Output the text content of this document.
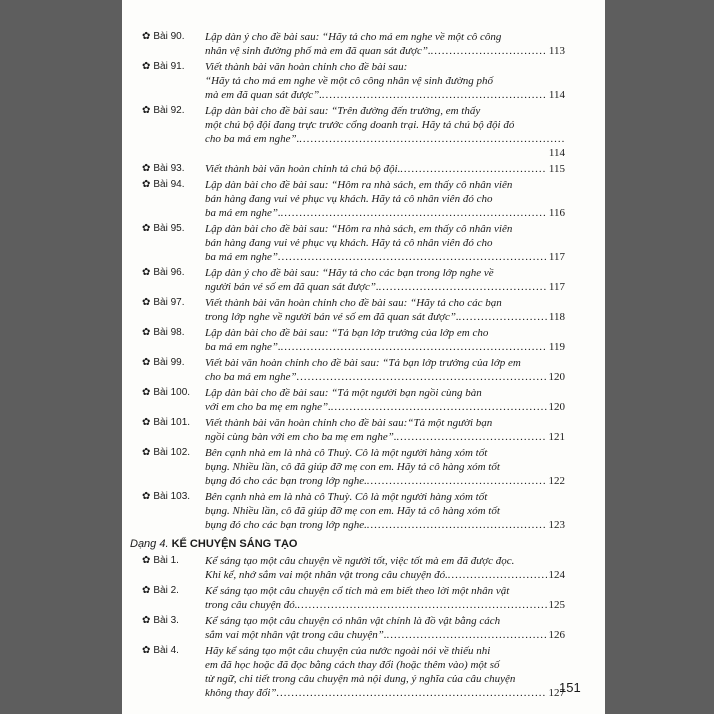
✿ Bài 90.	Lập dàn ý cho đề bài sau: “Hãy tả cho má em nghe về một cô công
nhân vệ sinh đường phố mà em đã quan sát được”. .....	113
✿ Bài 91.	Viết thành bài văn hoàn chỉnh cho đề bài sau:
“Hãy tả cho má em nghe về một cô công nhân vệ sinh đường phố
mà em đã quan sát được”. .....	114
✿ Bài 92.	Lập dàn bài cho đề bài sau: “Trên đường đến trường, em thấy
một chú bộ đội đang trực trước cổng doanh trại. Hãy tả chú bộ đội đó
cho ba má em nghe”.
.....
114
✿ Bài 93.	Viết thành bài văn hoàn chỉnh tả chú bộ đội. .....	115
✿ Bài 94.	Lập dàn bài cho đề bài sau: “Hôm ra nhà sách, em thấy cô nhân viên
bán hàng đang vui vẻ phục vụ khách. Hãy tả cô nhân viên đó cho
ba má em nghe”. .....	116
✿ Bài 95.	Lập dàn bài cho đề bài sau: “Hôm ra nhà sách, em thấy cô nhân viên
bán hàng đang vui vẻ phục vụ khách. Hãy tả cô nhân viên đó cho
ba má em nghe” .....	117
✿ Bài 96.	Lập dàn ý cho đề bài sau: “Hãy tả cho các bạn trong lớp nghe về
người bán vé số em đã quan sát được”. .....	117
✿ Bài 97.	Viết thành bài văn hoàn chỉnh cho đề bài sau: “Hãy tả cho các bạn
trong lớp nghe về người bán vé số em đã quan sát được”. .....	118
✿ Bài 98.	Lập dàn bài cho đề bài sau: “Tả bạn lớp trưởng của lớp em cho
ba má em nghe”. .....	119
✿ Bài 99.	Viết bài văn hoàn chỉnh cho đề bài sau: “Tả bạn lớp trưởng của lớp em
cho ba má em nghe” .....	120
✿ Bài 100.	Lập dàn bài cho đề bài sau: “Tả một người bạn ngồi cùng bàn
với em cho ba mẹ em nghe”. .....	120
✿ Bài 101.	Viết thành bài văn hoàn chỉnh cho đề bài sau:“Tả một người bạn
ngồi cùng bàn với em cho ba mẹ em nghe”. .....	121
✿ Bài 102.	Bên cạnh nhà em là nhà cô Thuỳ. Cô là một người hàng xóm tốt
bụng. Nhiều lần, cô đã giúp đỡ mẹ con em. Hãy tả cô hàng xóm tốt
bụng đó cho các bạn trong lớp nghe. .....	122
✿ Bài 103.	Bên cạnh nhà em là nhà cô Thuỳ. Cô là một người hàng xóm tốt
bụng. Nhiều lần, cô đã giúp đỡ mẹ con em. Hãy tả cô hàng xóm tốt
bụng đó cho các bạn trong lớp nghe. .....	123
Dạng 4. KỂ CHUYỆN SÁNG TẠO
✿ Bài 1.	Kể sáng tạo một câu chuyện về người tốt, việc tốt mà em đã được đọc.
Khi kể, nhớ sắm vai một nhân vật trong câu chuyện đó. .....	124
✿ Bài 2.	Kể sáng tạo một câu chuyện cổ tích mà em biết theo lời một nhân vật
trong câu chuyện đó. .....	125
✿ Bài 3.	Kể sáng tạo một câu chuyện có nhân vật chính là đồ vật bằng cách
sắm vai một nhân vật trong câu chuyện”. .....	126
✿ Bài 4.	Hãy kể sáng tạo một câu chuyện của nước ngoài nói về thiếu nhi
em đã học hoặc đã đọc bằng cách thay đổi (hoặc thêm vào) một số
từ ngữ, chi tiết trong câu chuyện mà nội dung, ý nghĩa của câu chuyện
không thay đổi” .....	127
151
